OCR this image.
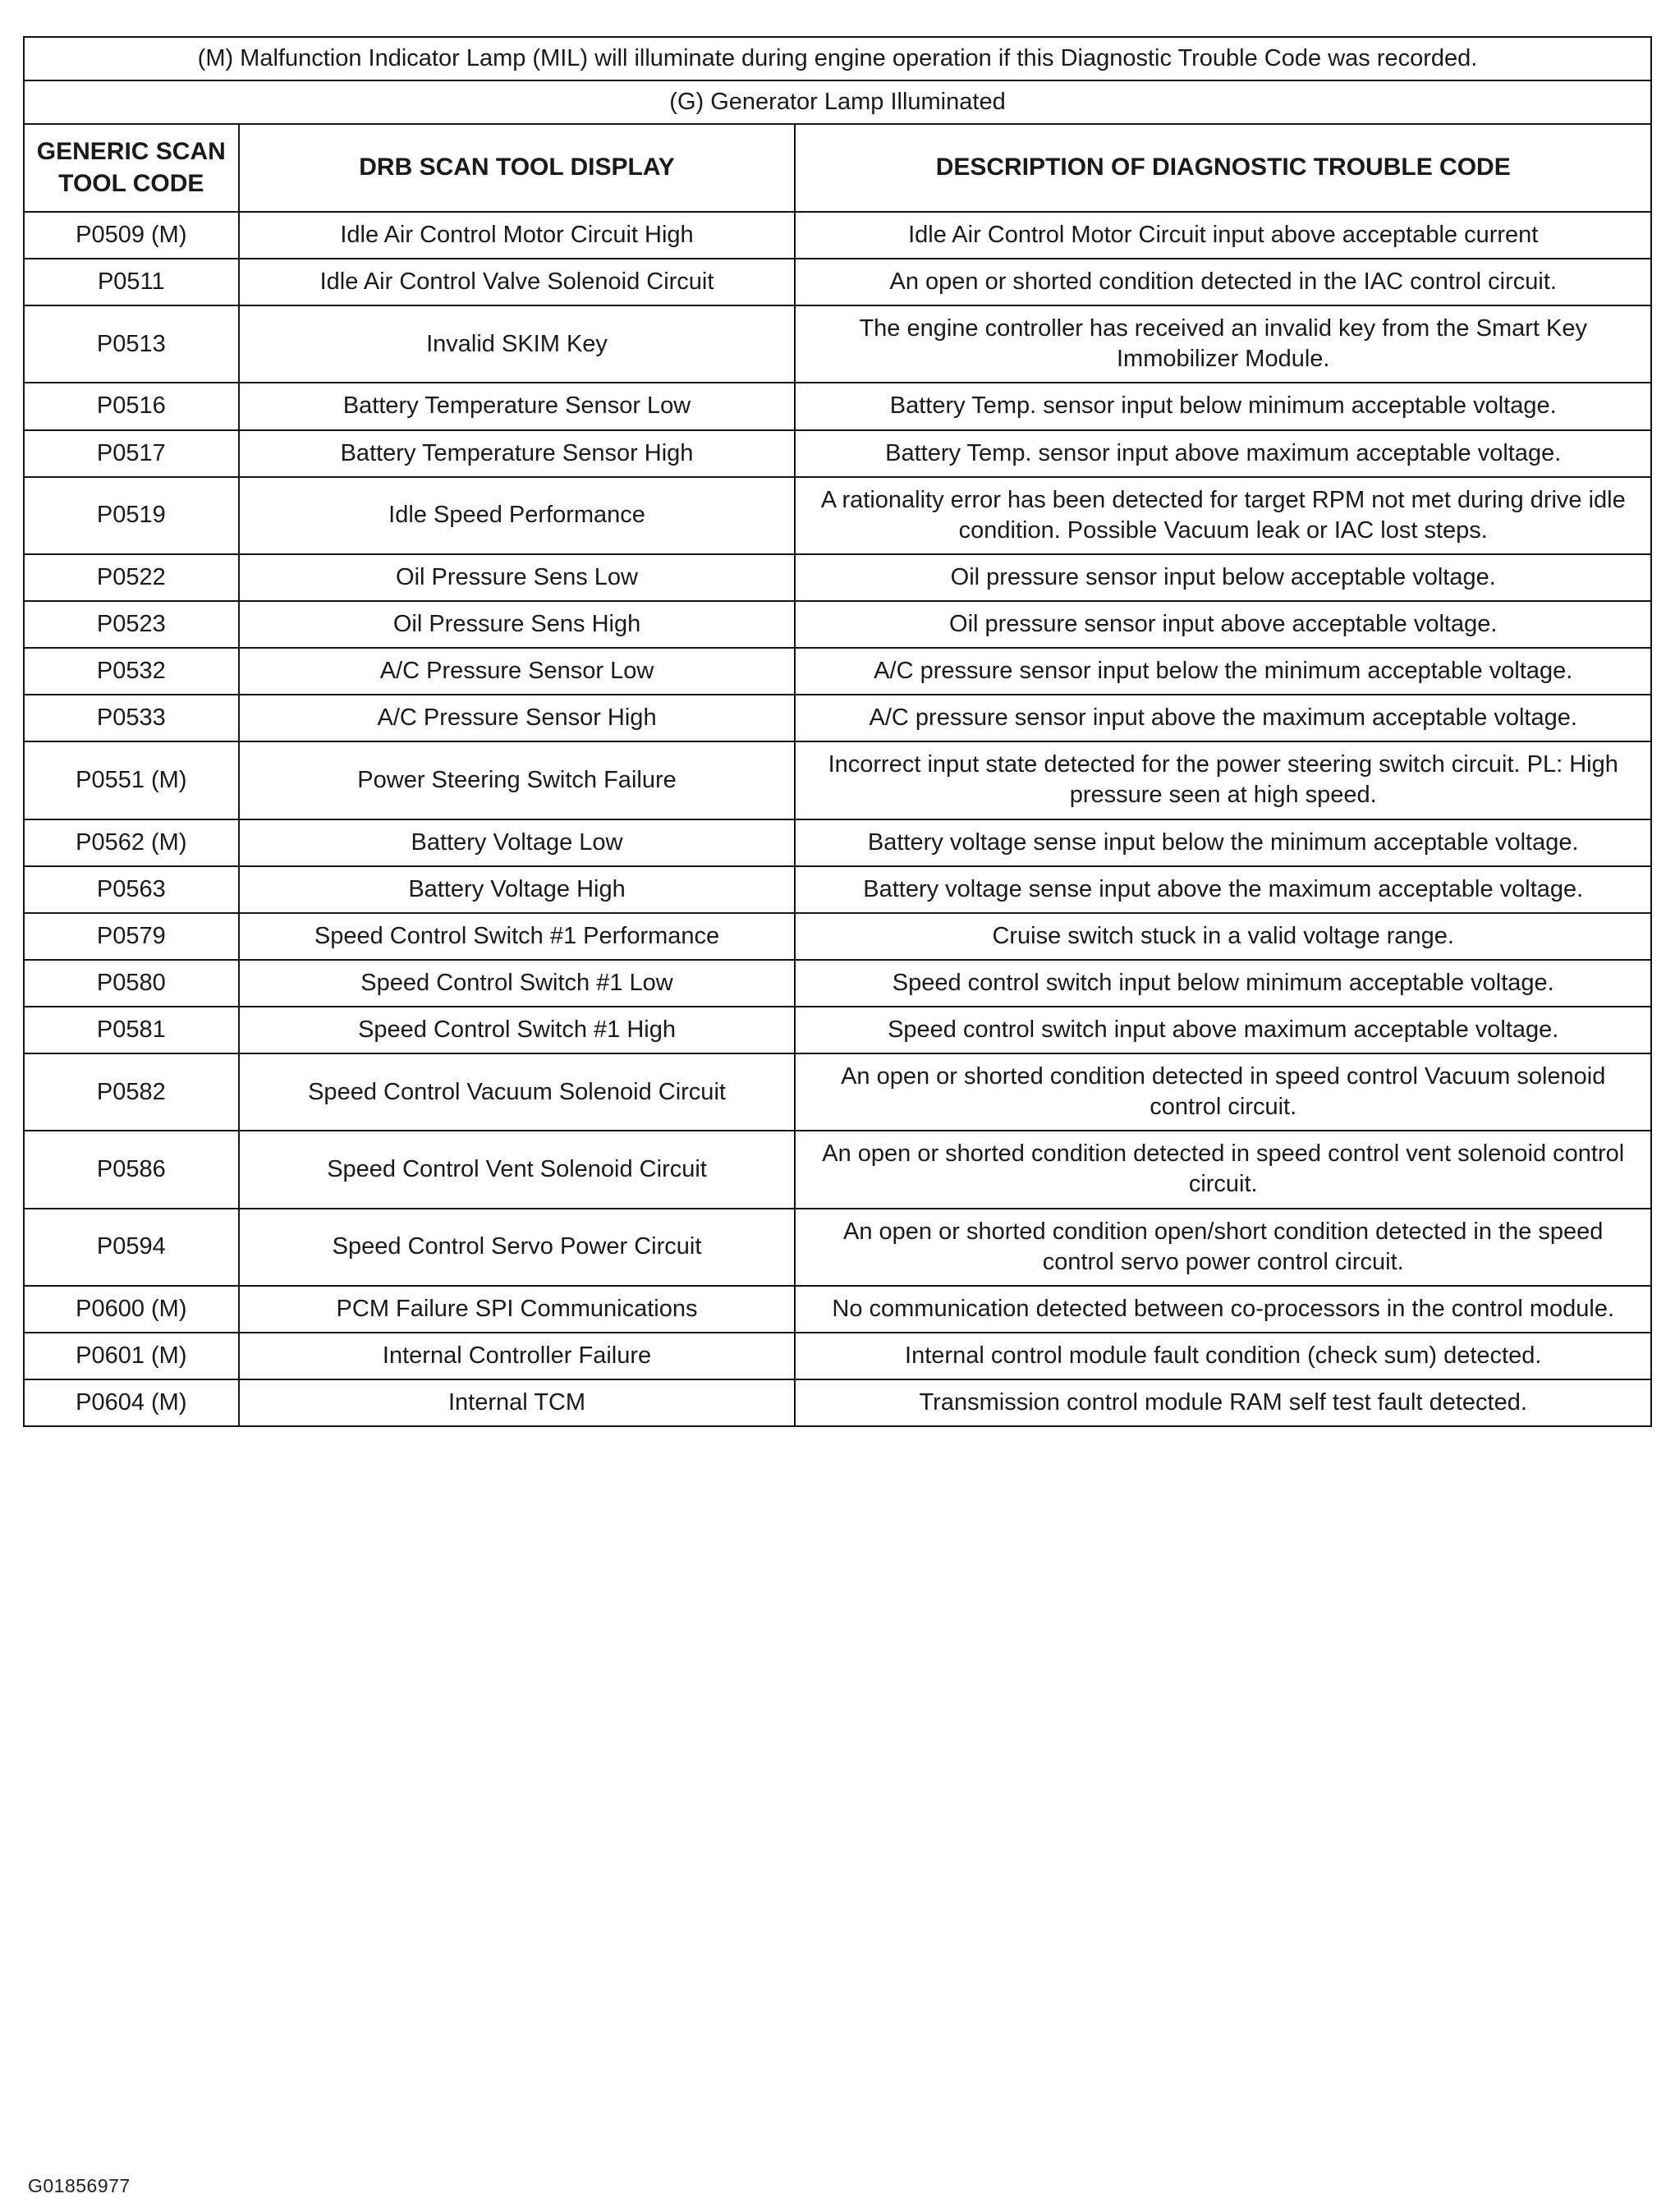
(M) Malfunction Indicator Lamp (MIL) will illuminate during engine operation if this Diagnostic Trouble Code was recorded.		
(G) Generator Lamp Illuminated		
GENERIC SCAN TOOL CODE	DRB SCAN TOOL DISPLAY	DESCRIPTION OF DIAGNOSTIC TROUBLE CODE
P0509 (M)	Idle Air Control Motor Circuit High	Idle Air Control Motor Circuit input above acceptable current
P0511	Idle Air Control Valve Solenoid Circuit	An open or shorted condition detected in the IAC control circuit.
P0513	Invalid SKIM Key	The engine controller has received an invalid key from the Smart Key Immobilizer Module.
P0516	Battery Temperature Sensor Low	Battery Temp. sensor input below minimum acceptable voltage.
P0517	Battery Temperature Sensor High	Battery Temp. sensor input above maximum acceptable voltage.
P0519	Idle Speed Performance	A rationality error has been detected for target RPM not met during drive idle condition. Possible Vacuum leak or IAC lost steps.
P0522	Oil Pressure Sens Low	Oil pressure sensor input below acceptable voltage.
P0523	Oil Pressure Sens High	Oil pressure sensor input above acceptable voltage.
P0532	A/C Pressure Sensor Low	A/C pressure sensor input below the minimum acceptable voltage.
P0533	A/C Pressure Sensor High	A/C pressure sensor input above the maximum acceptable voltage.
P0551 (M)	Power Steering Switch Failure	Incorrect input state detected for the power steering switch circuit. PL: High pressure seen at high speed.
P0562 (M)	Battery Voltage Low	Battery voltage sense input below the minimum acceptable voltage.
P0563	Battery Voltage High	Battery voltage sense input above the maximum acceptable voltage.
P0579	Speed Control Switch #1 Performance	Cruise switch stuck in a valid voltage range.
P0580	Speed Control Switch #1 Low	Speed control switch input below minimum acceptable voltage.
P0581	Speed Control Switch #1 High	Speed control switch input above maximum acceptable voltage.
P0582	Speed Control Vacuum Solenoid Circuit	An open or shorted condition detected in speed control Vacuum solenoid control circuit.
P0586	Speed Control Vent Solenoid Circuit	An open or shorted condition detected in speed control vent solenoid control circuit.
P0594	Speed Control Servo Power Circuit	An open or shorted condition open/short condition detected in the speed control servo power control circuit.
P0600 (M)	PCM Failure SPI Communications	No communication detected between co-processors in the control module.
P0601 (M)	Internal Controller Failure	Internal control module fault condition (check sum) detected.
P0604 (M)	Internal TCM	Transmission control module RAM self test fault detected.
G01856977
